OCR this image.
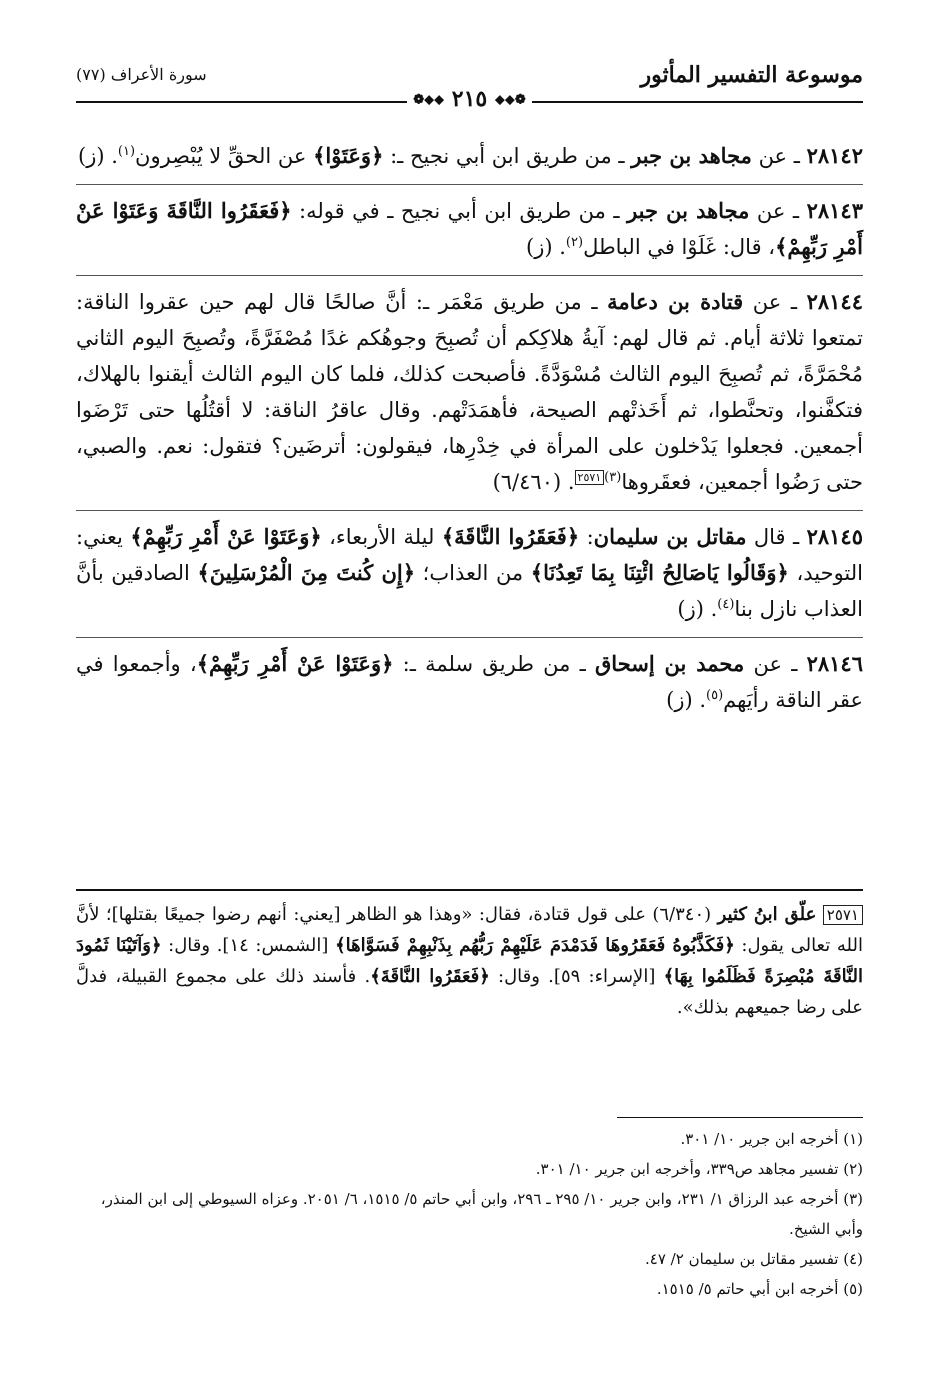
موسوعة التفسير المأثور
سورة الأعراف (٧٧)
❁◆◆ ٢١٥ ◆◆❁

٢٨١٤٢ ـ عن مجاهد بن جبر ـ من طريق ابن أبي نجيح ـ: ﴿وَعَتَوْا﴾ عن الحقِّ لا يُبْصِرون$^{(١)}$. (ز)

٢٨١٤٣ ـ عن مجاهد بن جبر ـ من طريق ابن أبي نجيح ـ في قوله: ﴿فَعَقَرُوا النَّاقَةَ وَعَتَوْا عَنْ أَمْرِ رَبِّهِمْ﴾، قال: غَلَوْا في الباطل$^{(٢)}$. (ز)

٢٨١٤٤ ـ عن قتادة بن دعامة ـ من طريق مَعْمَر ـ: أنَّ صالحًا قال لهم حين عقروا الناقة: تمتعوا ثلاثة أيام. ثم قال لهم: آيةُ هلاكِكم أن تُصبِحَ وجوهُكم غدًا مُصْفَرَّةً، وتُصبِحَ اليوم الثاني مُحْمَرَّةً، ثم تُصبِحَ اليوم الثالث مُسْوَدَّةً. فأصبحت كذلك، فلما كان اليوم الثالث أيقنوا بالهلاك، فتكفَّنوا، وتحنَّطوا، ثم أَخَذتْهم الصيحة، فأهمَدَتْهم. وقال عاقرُ الناقة: لا أقتُلُها حتى تَرْضَوا أجمعين. فجعلوا يَدْخلون على المرأة في خِدْرِها، فيقولون: أترضَين؟ فتقول: نعم. والصبي، حتى رَضُوا أجمعين، فعقَروها$^{(٣)}$٢٥٧١. (٦/٤٦٠)

٢٨١٤٥ ـ قال مقاتل بن سليمان: ﴿فَعَقَرُوا النَّاقَةَ﴾ ليلة الأربعاء، ﴿وَعَتَوْا عَنْ أَمْرِ رَبِّهِمْ﴾ يعني: التوحيد، ﴿وَقَالُوا يَاصَالِحُ ائْتِنَا بِمَا تَعِدُنَا﴾ من العذاب؛ ﴿إِن كُنتَ مِنَ الْمُرْسَلِينَ﴾ الصادقين بأنَّ العذاب نازل بنا$^{(٤)}$. (ز)

٢٨١٤٦ ـ عن محمد بن إسحاق ـ من طريق سلمة ـ: ﴿وَعَتَوْا عَنْ أَمْرِ رَبِّهِمْ﴾، وأجمعوا في عقر الناقة رأيَهم$^{(٥)}$. (ز)

٢٥٧١ علّق ابنُ كثير (٦/٣٤٠) على قول قتادة، فقال: «وهذا هو الظاهر [يعني: أنهم رضوا جميعًا بقتلها]؛ لأنَّ الله تعالى يقول: ﴿فَكَذَّبُوهُ فَعَقَرُوهَا فَدَمْدَمَ عَلَيْهِمْ رَبُّهُم بِذَنْبِهِمْ فَسَوَّاهَا﴾ [الشمس: ١٤]. وقال: ﴿وَآتَيْنَا ثَمُودَ النَّاقَةَ مُبْصِرَةً فَظَلَمُوا بِهَا﴾ [الإسراء: ٥٩]. وقال: ﴿فَعَقَرُوا النَّاقَةَ﴾. فأسند ذلك على مجموع القبيلة، فدلَّ على رضا جميعهم بذلك».

(١) أخرجه ابن جرير ١٠/ ٣٠١.

(٢) تفسير مجاهد ص٣٣٩، وأخرجه ابن جرير ١٠/ ٣٠١.

(٣) أخرجه عبد الرزاق ١/ ٢٣١، وابن جرير ١٠/ ٢٩٥ ـ ٢٩٦، وابن أبي حاتم ٥/ ١٥١٥، ٦/ ٢٠٥١. وعزاه السيوطي إلى ابن المنذر، وأبي الشيخ.

(٤) تفسير مقاتل بن سليمان ٢/ ٤٧.

(٥) أخرجه ابن أبي حاتم ٥/ ١٥١٥.
